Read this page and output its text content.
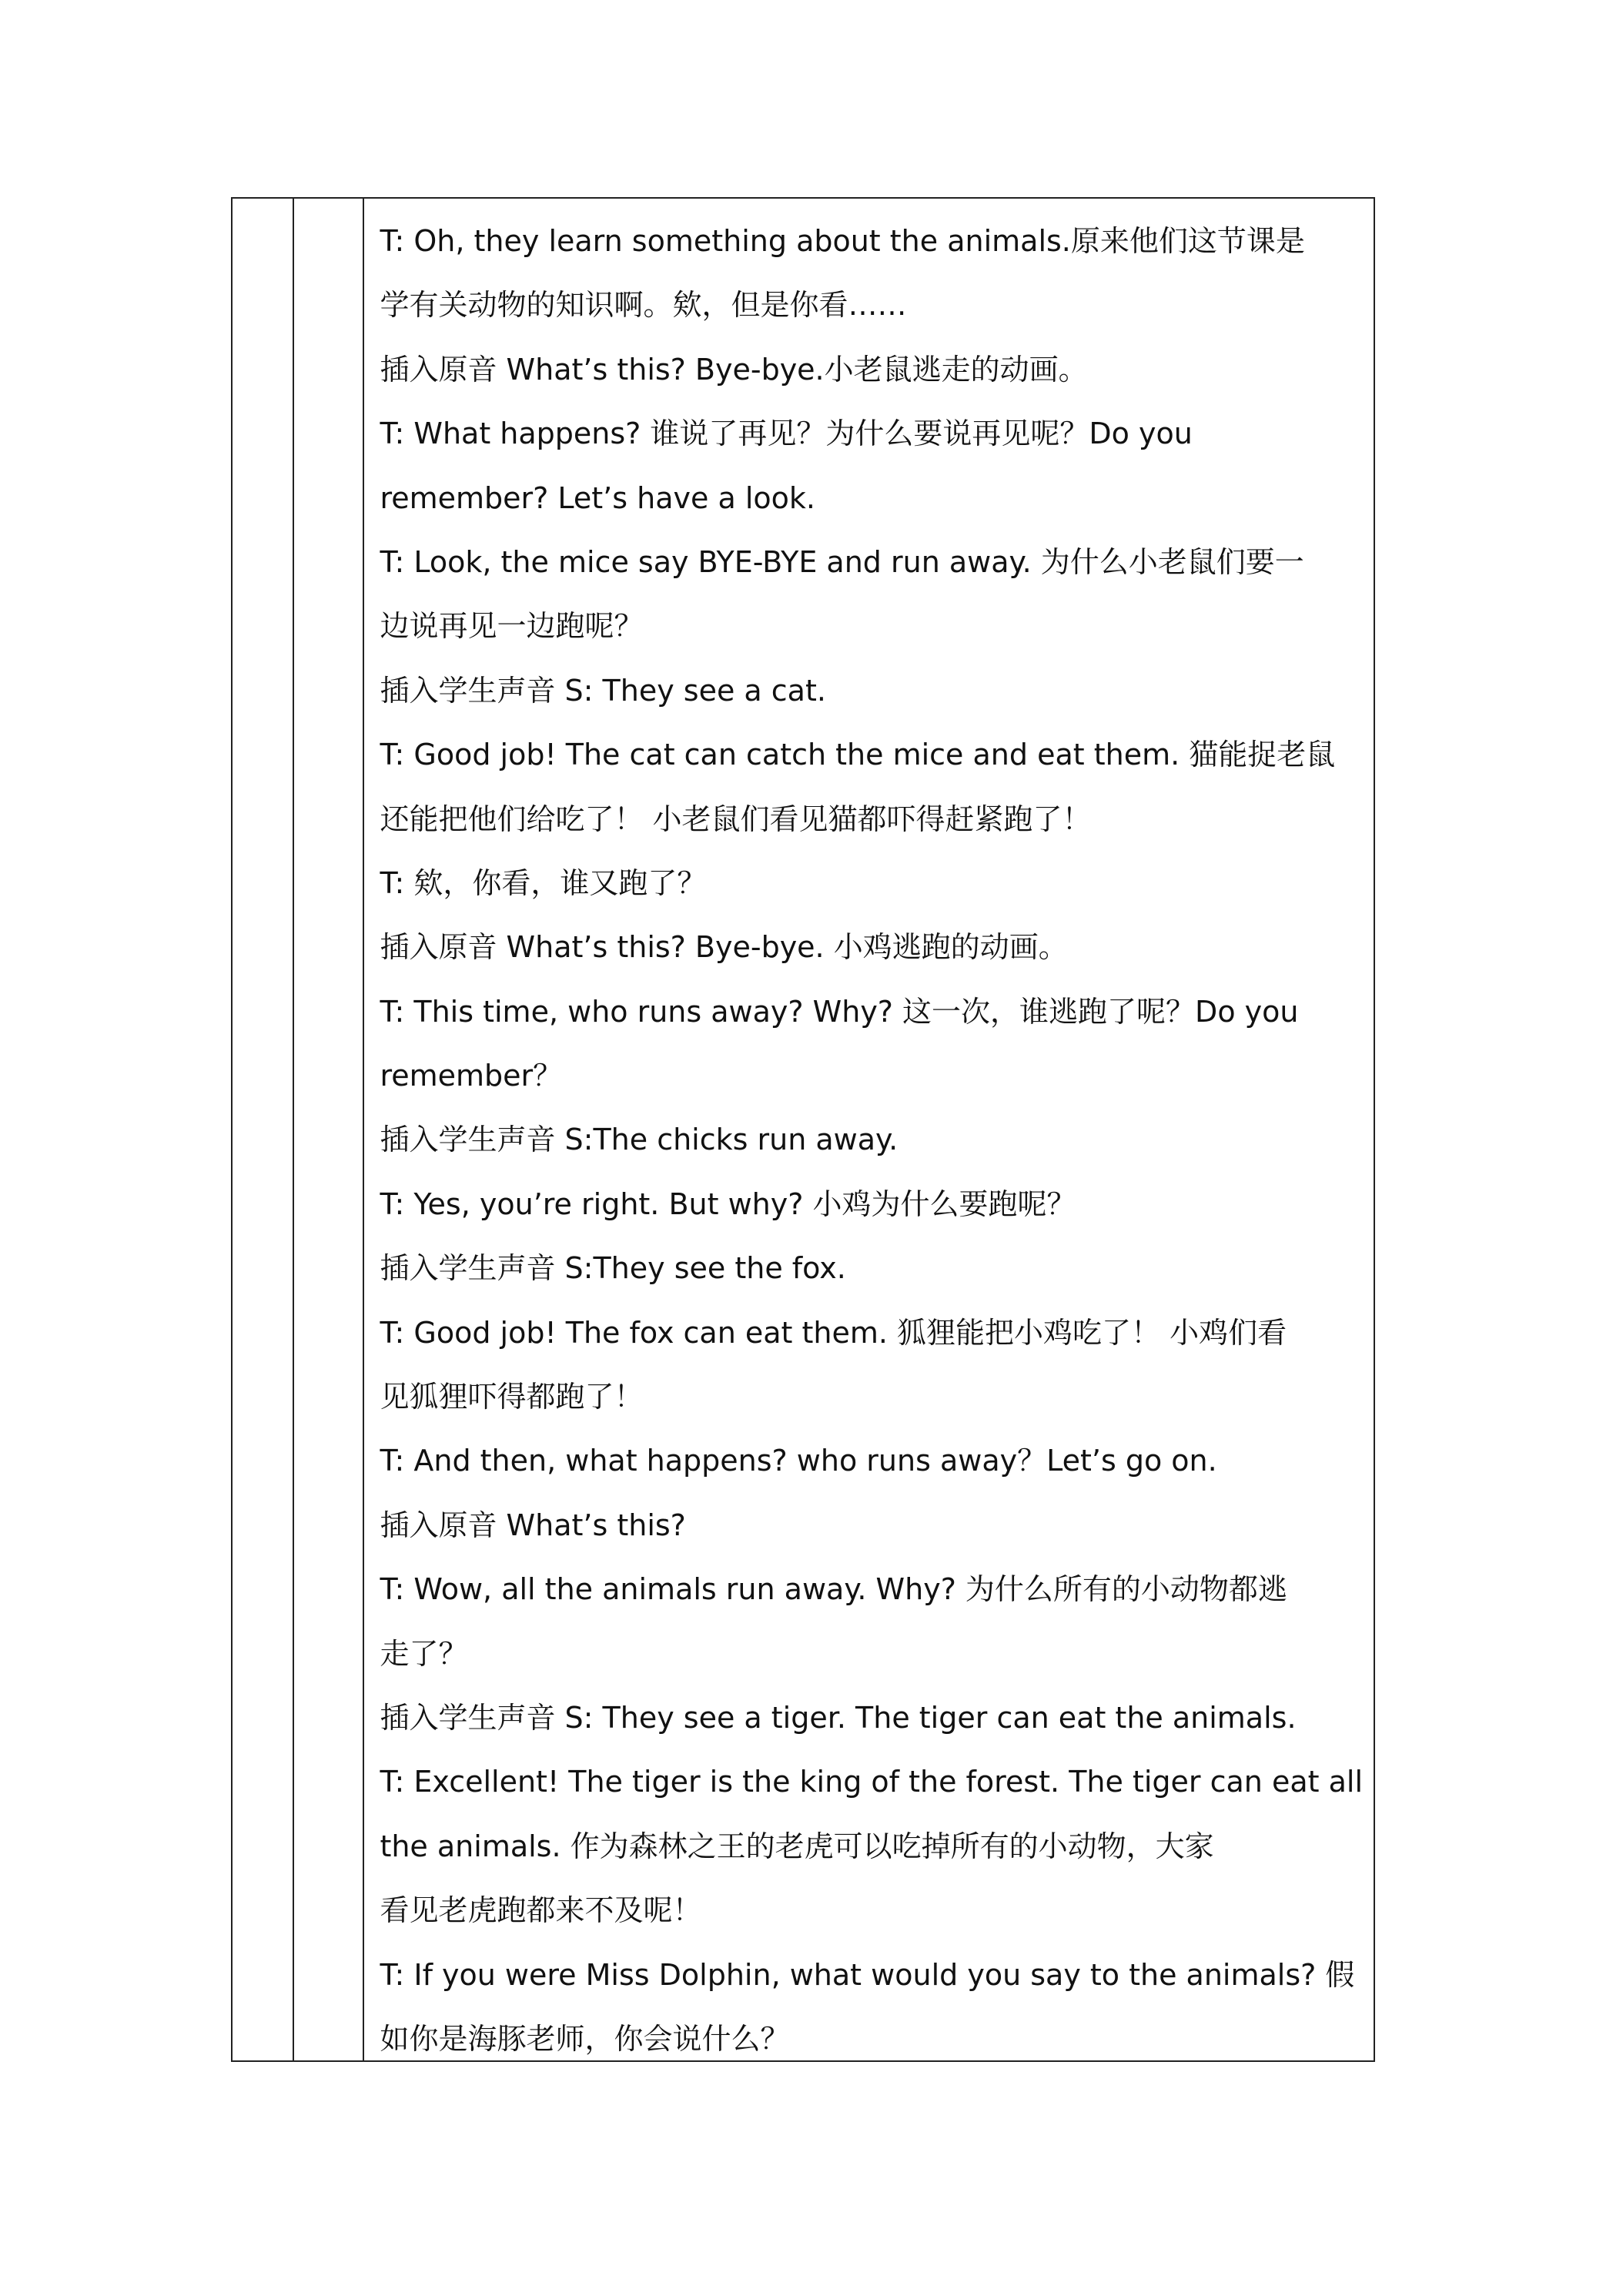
T: Oh, they learn something about the animals.原来他们这节课是
学有关动物的知识啊。欸，但是你看……
插入原音 What’s this? Bye-bye.小老鼠逃走的动画。
T: What happens? 谁说了再见？为什么要说再见呢？Do you
remember? Let’s have a look.
T: Look, the mice say BYE-BYE and run away. 为什么小老鼠们要一
边说再见一边跑呢？
插入学生声音 S: They see a cat.
T: Good job! The cat can catch the mice and eat them. 猫能捉老鼠
还能把他们给吃了！ 小老鼠们看见猫都吓得赶紧跑了！
T: 欸，你看，谁又跑了？
插入原音 What’s this? Bye-bye. 小鸡逃跑的动画。
T: This time, who runs away? Why? 这一次，谁逃跑了呢？Do you
remember？
插入学生声音 S:The chicks run away.
T: Yes, you’re right. But why? 小鸡为什么要跑呢？
插入学生声音 S:They see the fox.
T: Good job! The fox can eat them. 狐狸能把小鸡吃了！ 小鸡们看
见狐狸吓得都跑了！
T: And then, what happens? who runs away？Let’s go on.
插入原音 What’s this?
T: Wow, all the animals run away. Why? 为什么所有的小动物都逃
走了？
插入学生声音 S: They see a tiger. The tiger can eat the animals.
T: Excellent! The tiger is the king of the forest. The tiger can eat all
the animals. 作为森林之王的老虎可以吃掉所有的小动物，大家
看见老虎跑都来不及呢！
T: If you were Miss Dolphin, what would you say to the animals? 假
如你是海豚老师，你会说什么？
